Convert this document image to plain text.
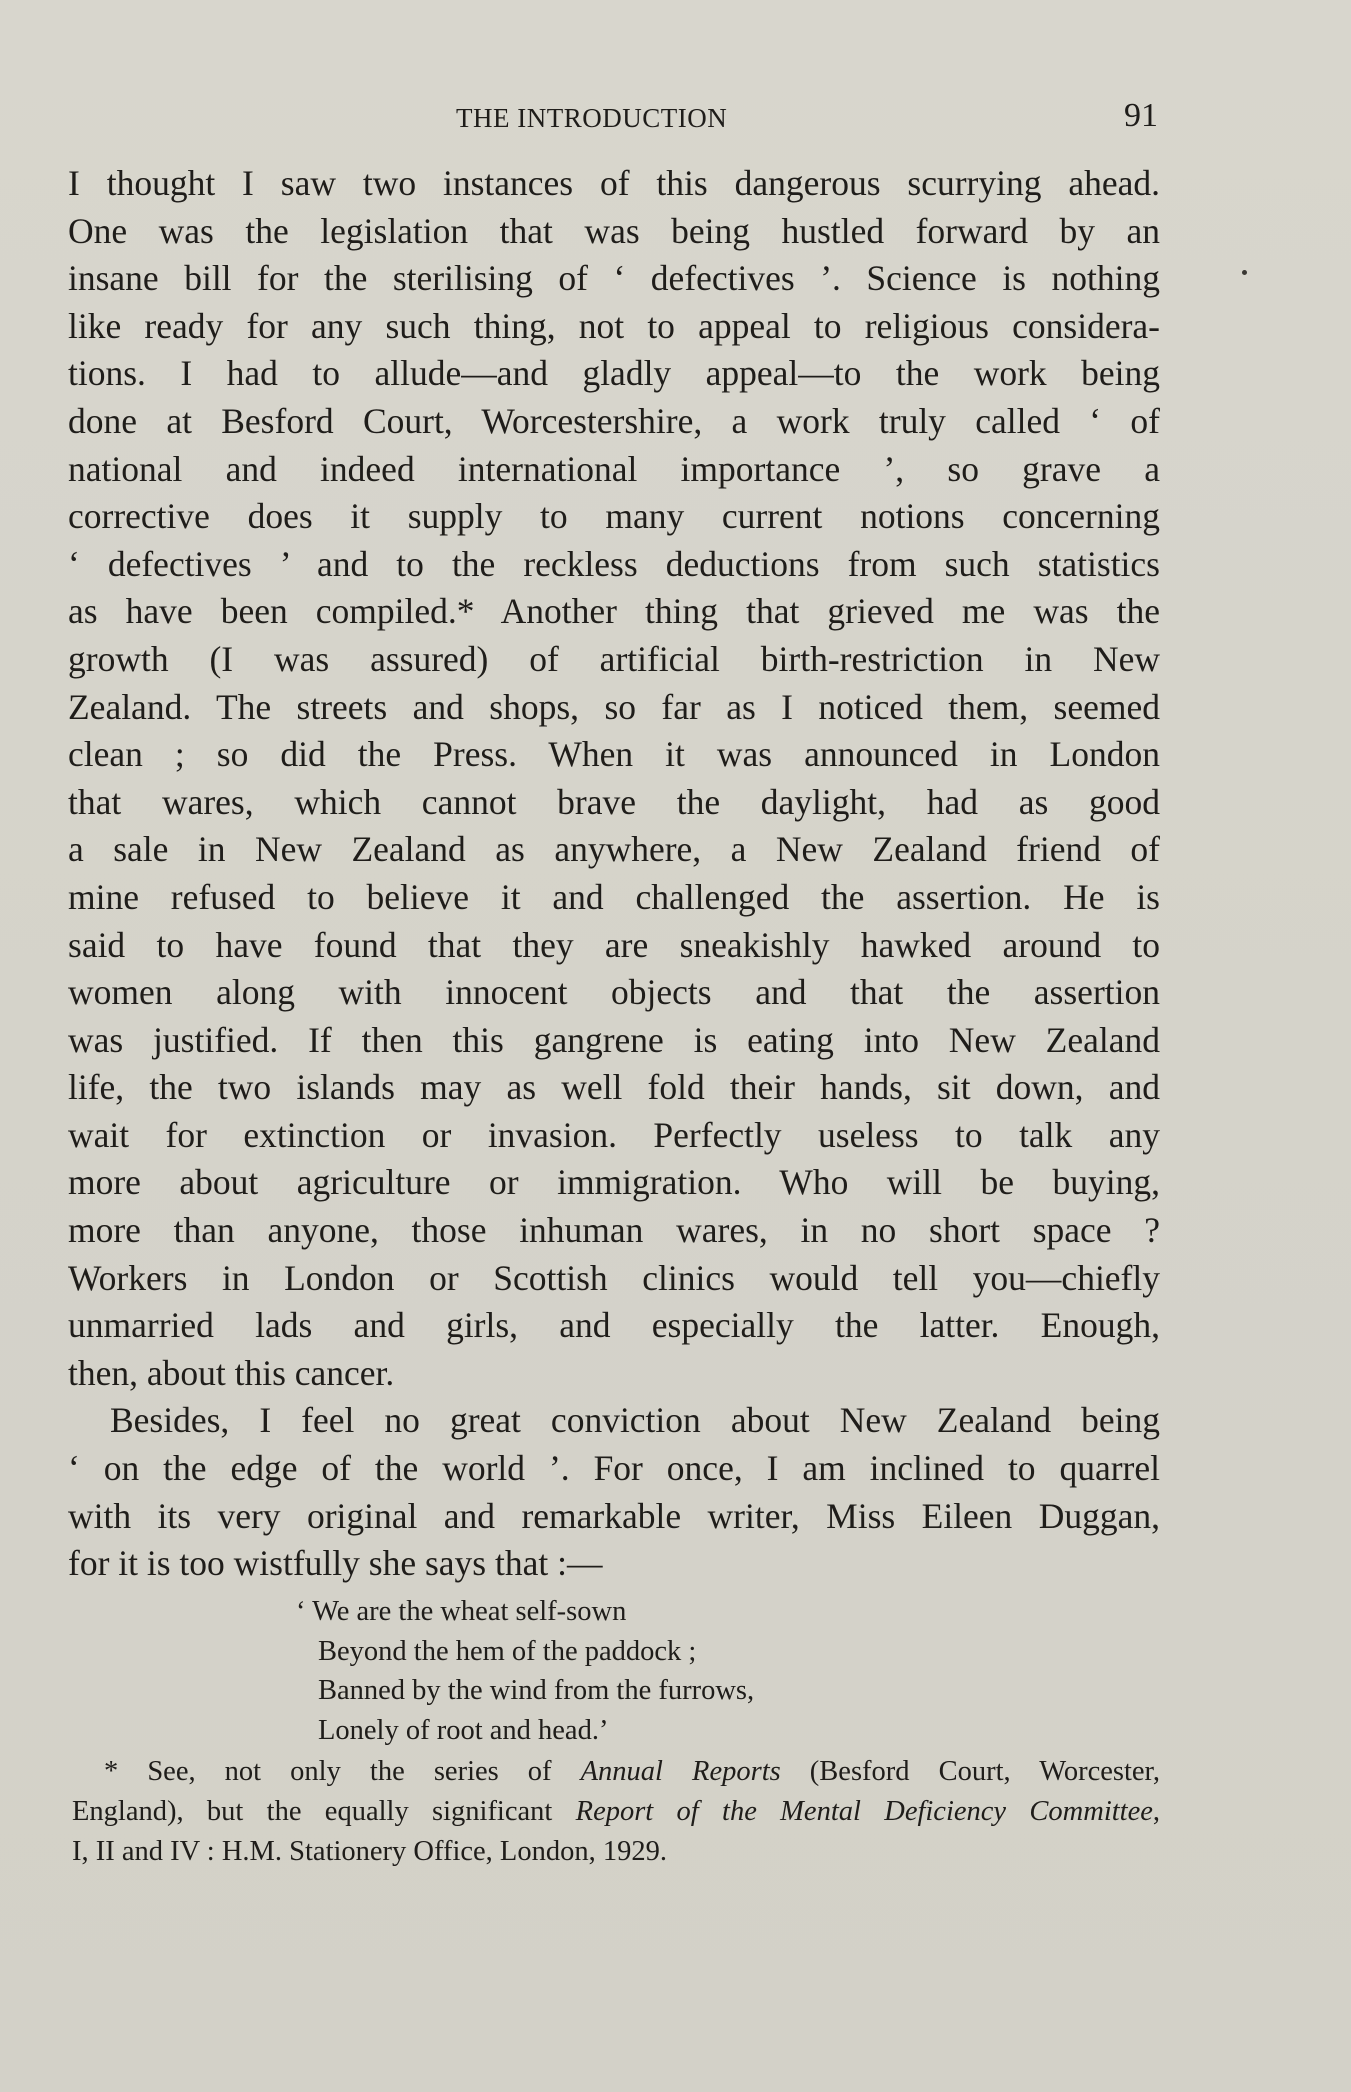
THE INTRODUCTION	91
I thought I saw two instances of this dangerous scurrying ahead.
One was the legislation that was being hustled forward by an
insane bill for the sterilising of ‘ defectives ’. Science is nothing
like ready for any such thing, not to appeal to religious considera-
tions. I had to allude—and gladly appeal—to the work being
done at Besford Court, Worcestershire, a work truly called ‘ of
national and indeed international importance ’, so grave a
corrective does it supply to many current notions concerning
‘ defectives ’ and to the reckless deductions from such statistics
as have been compiled.* Another thing that grieved me was the
growth (I was assured) of artificial birth-restriction in New
Zealand. The streets and shops, so far as I noticed them, seemed
clean ; so did the Press. When it was announced in London
that wares, which cannot brave the daylight, had as good
a sale in New Zealand as anywhere, a New Zealand friend of
mine refused to believe it and challenged the assertion. He is
said to have found that they are sneakishly hawked around to
women along with innocent objects and that the assertion
was justified. If then this gangrene is eating into New Zealand
life, the two islands may as well fold their hands, sit down, and
wait for extinction or invasion. Perfectly useless to talk any
more about agriculture or immigration. Who will be buying,
more than anyone, those inhuman wares, in no short space ?
Workers in London or Scottish clinics would tell you—chiefly
unmarried lads and girls, and especially the latter. Enough,
then, about this cancer.
Besides, I feel no great conviction about New Zealand being
‘ on the edge of the world ’. For once, I am inclined to quarrel
with its very original and remarkable writer, Miss Eileen Duggan,
for it is too wistfully she says that :—
‘ We are the wheat self-sown
Beyond the hem of the paddock ;
Banned by the wind from the furrows,
Lonely of root and head.’
* See, not only the series of Annual Reports (Besford Court, Worcester,
England), but the equally significant Report of the Mental Deficiency Committee,
I, II and IV : H.M. Stationery Office, London, 1929.
